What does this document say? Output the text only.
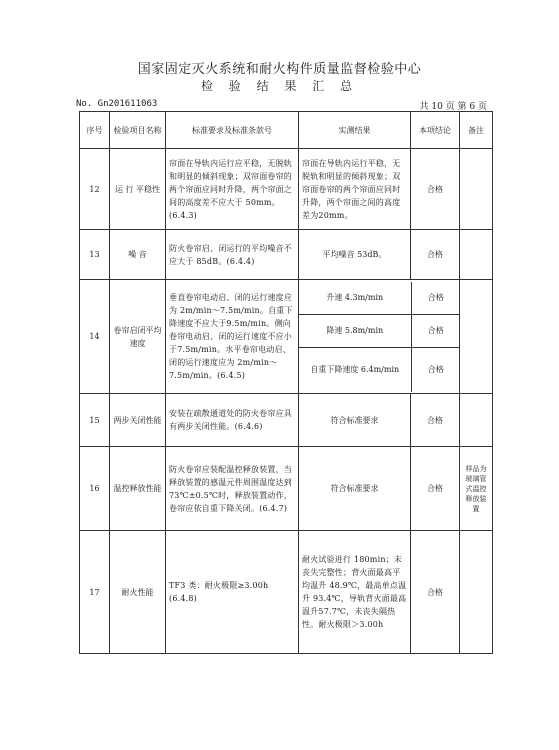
国家固定灭火系统和耐火构件质量监督检验中心
检 验 结 果 汇 总
No. Gn201611063	共 10 页 第 6 页
序号	检验项目名称	标准要求及标准条款号	实测结果	本项结论	备注
12	运 行 平稳性	帘面在导轨内运行应平稳，无脱轨和明显的倾斜现象；双帘面卷帘的两个帘面应同时升降，两个帘面之间的高度差不应大于 50mm。(6.4.3)	帘面在导轨内运行平稳，无脱轨和明显的倾斜现象；双帘面卷帘的两个帘面应同时升降，两个帘面之间的高度差为20mm。	合格	
13	噪 音	防火卷帘启、闭运行的平均噪音不应大于 85dB。(6.4.4)	平均噪音 53dB。	合格	
14	卷帘启闭平均速度	垂直卷帘电动启、闭的运行速度应为 2m/min～7.5m/min。自重下降速度不应大于9.5m/min。侧向卷帘电动启、闭的运行速度不应小于7.5m/min。水平卷帘电动启、闭的运行速度应为 2m/min～7.5m/min。(6.4.5)	
升速 4.3m/min	合格
降速 5.8m/min	合格
自重下降速度 6.4m/min	合格

15	两步关闭性能	安装在疏散通道处的防火卷帘应具有两步关闭性能。(6.4.6)	符合标准要求	合格	
16	温控释放性能	防火卷帘应装配温控释放装置，当释放装置的感温元件周围温度达到 73℃±0.5℃时，释放装置动作，卷帘应依自重下降关闭。(6.4.7)	符合标准要求	合格	样品为玻璃管式温控释放装置
17	耐火性能	TF3 类：耐火极限≥3.00h (6.4.8)	耐火试验进行 180min；未丧失完整性；背火面最高平均温升 48.9℃，最高单点温升 93.4℃，导轨背火面最高温升57.7℃，未丧失隔热性。耐火极限＞3.00h	合格	
